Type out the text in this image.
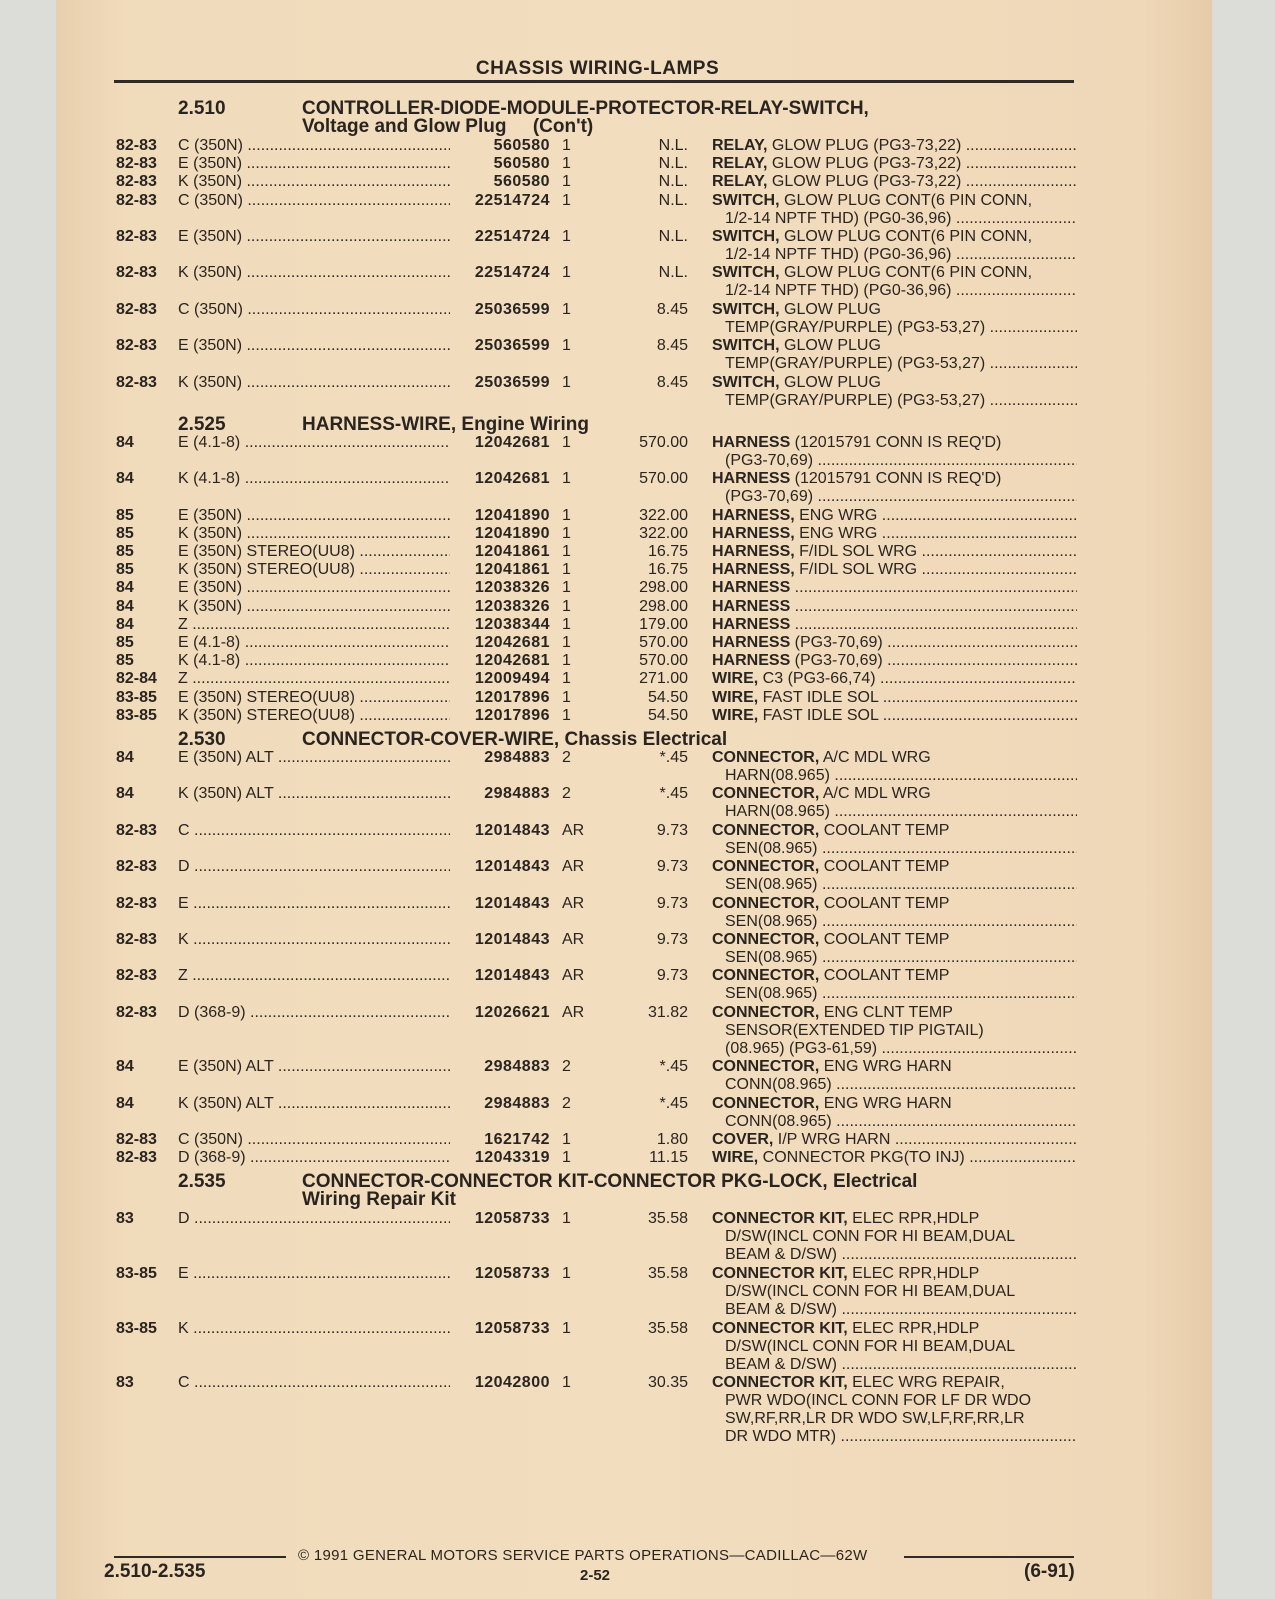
CHASSIS WIRING-LAMPS
2.510	CONTROLLER-DIODE-MODULE-PROTECTOR-RELAY-SWITCH,
Voltage and Glow Plug     (Con't)
82-83 C (350N) .....	560580 1	N.L. RELAY, GLOW PLUG (PG3-73,22) .....
82-83 E (350N) .....	560580 1	N.L. RELAY, GLOW PLUG (PG3-73,22) .....
82-83 K (350N) .....	560580 1	N.L. RELAY, GLOW PLUG (PG3-73,22) .....
82-83 C (350N) .....	22514724 1	N.L. SWITCH, GLOW PLUG CONT(6 PIN CONN,
1/2-14 NPTF THD) (PG0-36,96) .....
82-83 E (350N) .....	22514724 1	N.L. SWITCH, GLOW PLUG CONT(6 PIN CONN,
1/2-14 NPTF THD) (PG0-36,96) .....
82-83 K (350N) .....	22514724 1	N.L. SWITCH, GLOW PLUG CONT(6 PIN CONN,
1/2-14 NPTF THD) (PG0-36,96) .....
82-83 C (350N) .....	25036599 1	8.45 SWITCH, GLOW PLUG
TEMP(GRAY/PURPLE) (PG3-53,27) .....
82-83 E (350N) .....	25036599 1	8.45 SWITCH, GLOW PLUG
TEMP(GRAY/PURPLE) (PG3-53,27) .....
82-83 K (350N) .....	25036599 1	8.45 SWITCH, GLOW PLUG
TEMP(GRAY/PURPLE) (PG3-53,27) .....
2.525	HARNESS-WIRE, Engine Wiring
84	E (4.1-8) .....	12042681 1	570.00 HARNESS (12015791 CONN IS REQ'D)
(PG3-70,69) .....
84	K (4.1-8) .....	12042681 1	570.00 HARNESS (12015791 CONN IS REQ'D)
(PG3-70,69) .....
85	E (350N) .....	12041890 1	322.00 HARNESS, ENG WRG .....
85	K (350N) .....	12041890 1	322.00 HARNESS, ENG WRG .....
85	E (350N) STEREO(UU8) .....	12041861 1	16.75 HARNESS, F/IDL SOL WRG .....
85	K (350N) STEREO(UU8) .....	12041861 1	16.75 HARNESS, F/IDL SOL WRG .....
84	E (350N) .....	12038326 1	298.00 HARNESS .....
84	K (350N) .....	12038326 1	298.00 HARNESS .....
84	Z .....	12038344 1	179.00 HARNESS .....
85	E (4.1-8) .....	12042681 1	570.00 HARNESS (PG3-70,69) .....
85	K (4.1-8) .....	12042681 1	570.00 HARNESS (PG3-70,69) .....
82-84 Z .....	12009494 1	271.00 WIRE, C3 (PG3-66,74) .....
83-85 E (350N) STEREO(UU8) .....	12017896 1	54.50 WIRE, FAST IDLE SOL .....
83-85 K (350N) STEREO(UU8) .....	12017896 1	54.50 WIRE, FAST IDLE SOL .....
2.530	CONNECTOR-COVER-WIRE, Chassis Electrical
84	E (350N) ALT .....	2984883 2	*.45 CONNECTOR, A/C MDL WRG
HARN(08.965) .....
84	K (350N) ALT .....	2984883 2	*.45 CONNECTOR, A/C MDL WRG
HARN(08.965) .....
82-83 C .....	12014843 AR	9.73 CONNECTOR, COOLANT TEMP
SEN(08.965) .....
82-83 D .....	12014843 AR	9.73 CONNECTOR, COOLANT TEMP
SEN(08.965) .....
82-83 E .....	12014843 AR	9.73 CONNECTOR, COOLANT TEMP
SEN(08.965) .....
82-83 K .....	12014843 AR	9.73 CONNECTOR, COOLANT TEMP
SEN(08.965) .....
82-83 Z .....	12014843 AR	9.73 CONNECTOR, COOLANT TEMP
SEN(08.965) .....
82-83 D (368-9) .....	12026621 AR	31.82 CONNECTOR, ENG CLNT TEMP
SENSOR(EXTENDED TIP PIGTAIL)
(08.965) (PG3-61,59) .....
84	E (350N) ALT .....	2984883 2	*.45 CONNECTOR, ENG WRG HARN
CONN(08.965) .....
84	K (350N) ALT .....	2984883 2	*.45 CONNECTOR, ENG WRG HARN
CONN(08.965) .....
82-83 C (350N) .....	1621742 1	1.80 COVER, I/P WRG HARN .....
82-83 D (368-9) .....	12043319 1	11.15 WIRE, CONNECTOR PKG(TO INJ) .....
2.535	CONNECTOR-CONNECTOR KIT-CONNECTOR PKG-LOCK, Electrical
Wiring Repair Kit
83	D .....	12058733 1	35.58 CONNECTOR KIT, ELEC RPR,HDLP
D/SW(INCL CONN FOR HI BEAM,DUAL
BEAM & D/SW) .....
83-85 E .....	12058733 1	35.58 CONNECTOR KIT, ELEC RPR,HDLP
D/SW(INCL CONN FOR HI BEAM,DUAL
BEAM & D/SW) .....
83-85 K .....	12058733 1	35.58 CONNECTOR KIT, ELEC RPR,HDLP
D/SW(INCL CONN FOR HI BEAM,DUAL
BEAM & D/SW) .....
83	C .....	12042800 1	30.35 CONNECTOR KIT, ELEC WRG REPAIR,
PWR WDO(INCL CONN FOR LF DR WDO
SW,RF,RR,LR DR WDO SW,LF,RF,RR,LR
DR WDO MTR) .....
© 1991 GENERAL MOTORS SERVICE PARTS OPERATIONS—CADILLAC—62W
2.510-2.535	2-52	(6-91)
